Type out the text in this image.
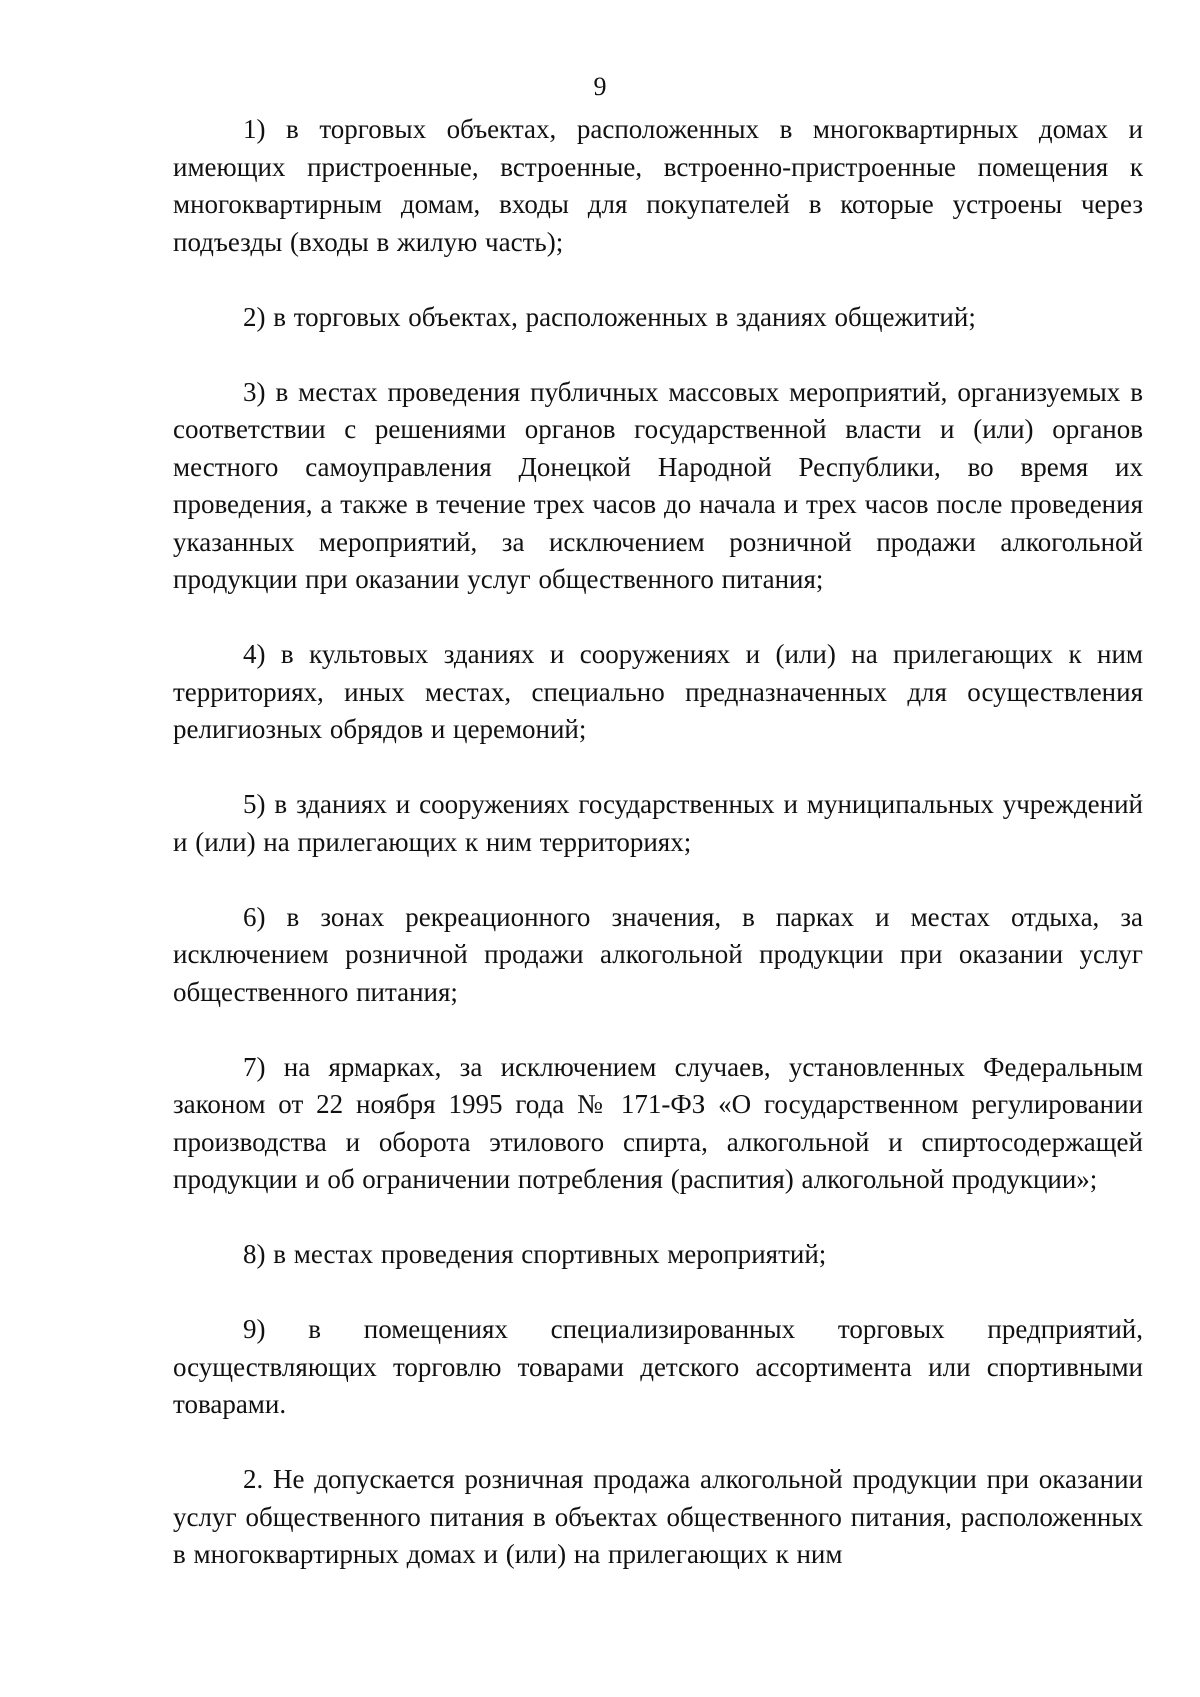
9

1) в торговых объектах, расположенных в многоквартирных домах и имеющих пристроенные, встроенные, встроенно-пристроенные помещения к многоквартирным домам, входы для покупателей в которые устроены через подъезды (входы в жилую часть);

2) в торговых объектах, расположенных в зданиях общежитий;

3) в местах проведения публичных массовых мероприятий, организуемых в соответствии с решениями органов государственной власти и (или) органов местного самоуправления Донецкой Народной Республики, во время их проведения, а также в течение трех часов до начала и трех часов после проведения указанных мероприятий, за исключением розничной продажи алкогольной продукции при оказании услуг общественного питания;

4) в культовых зданиях и сооружениях и (или) на прилегающих к ним территориях, иных местах, специально предназначенных для осуществления религиозных обрядов и церемоний;

5) в зданиях и сооружениях государственных и муниципальных учреждений и (или) на прилегающих к ним территориях;

6) в зонах рекреационного значения, в парках и местах отдыха, за исключением розничной продажи алкогольной продукции при оказании услуг общественного питания;

7) на ярмарках, за исключением случаев, установленных Федеральным законом от 22 ноября 1995 года № 171-ФЗ «О государственном регулировании производства и оборота этилового спирта, алкогольной и спиртосодержащей продукции и об ограничении потребления (распития) алкогольной продукции»;

8) в местах проведения спортивных мероприятий;

9) в помещениях специализированных торговых предприятий, осуществляющих торговлю товарами детского ассортимента или спортивными товарами.

2. Не допускается розничная продажа алкогольной продукции при оказании услуг общественного питания в объектах общественного питания, расположенных в многоквартирных домах и (или) на прилегающих к ним
